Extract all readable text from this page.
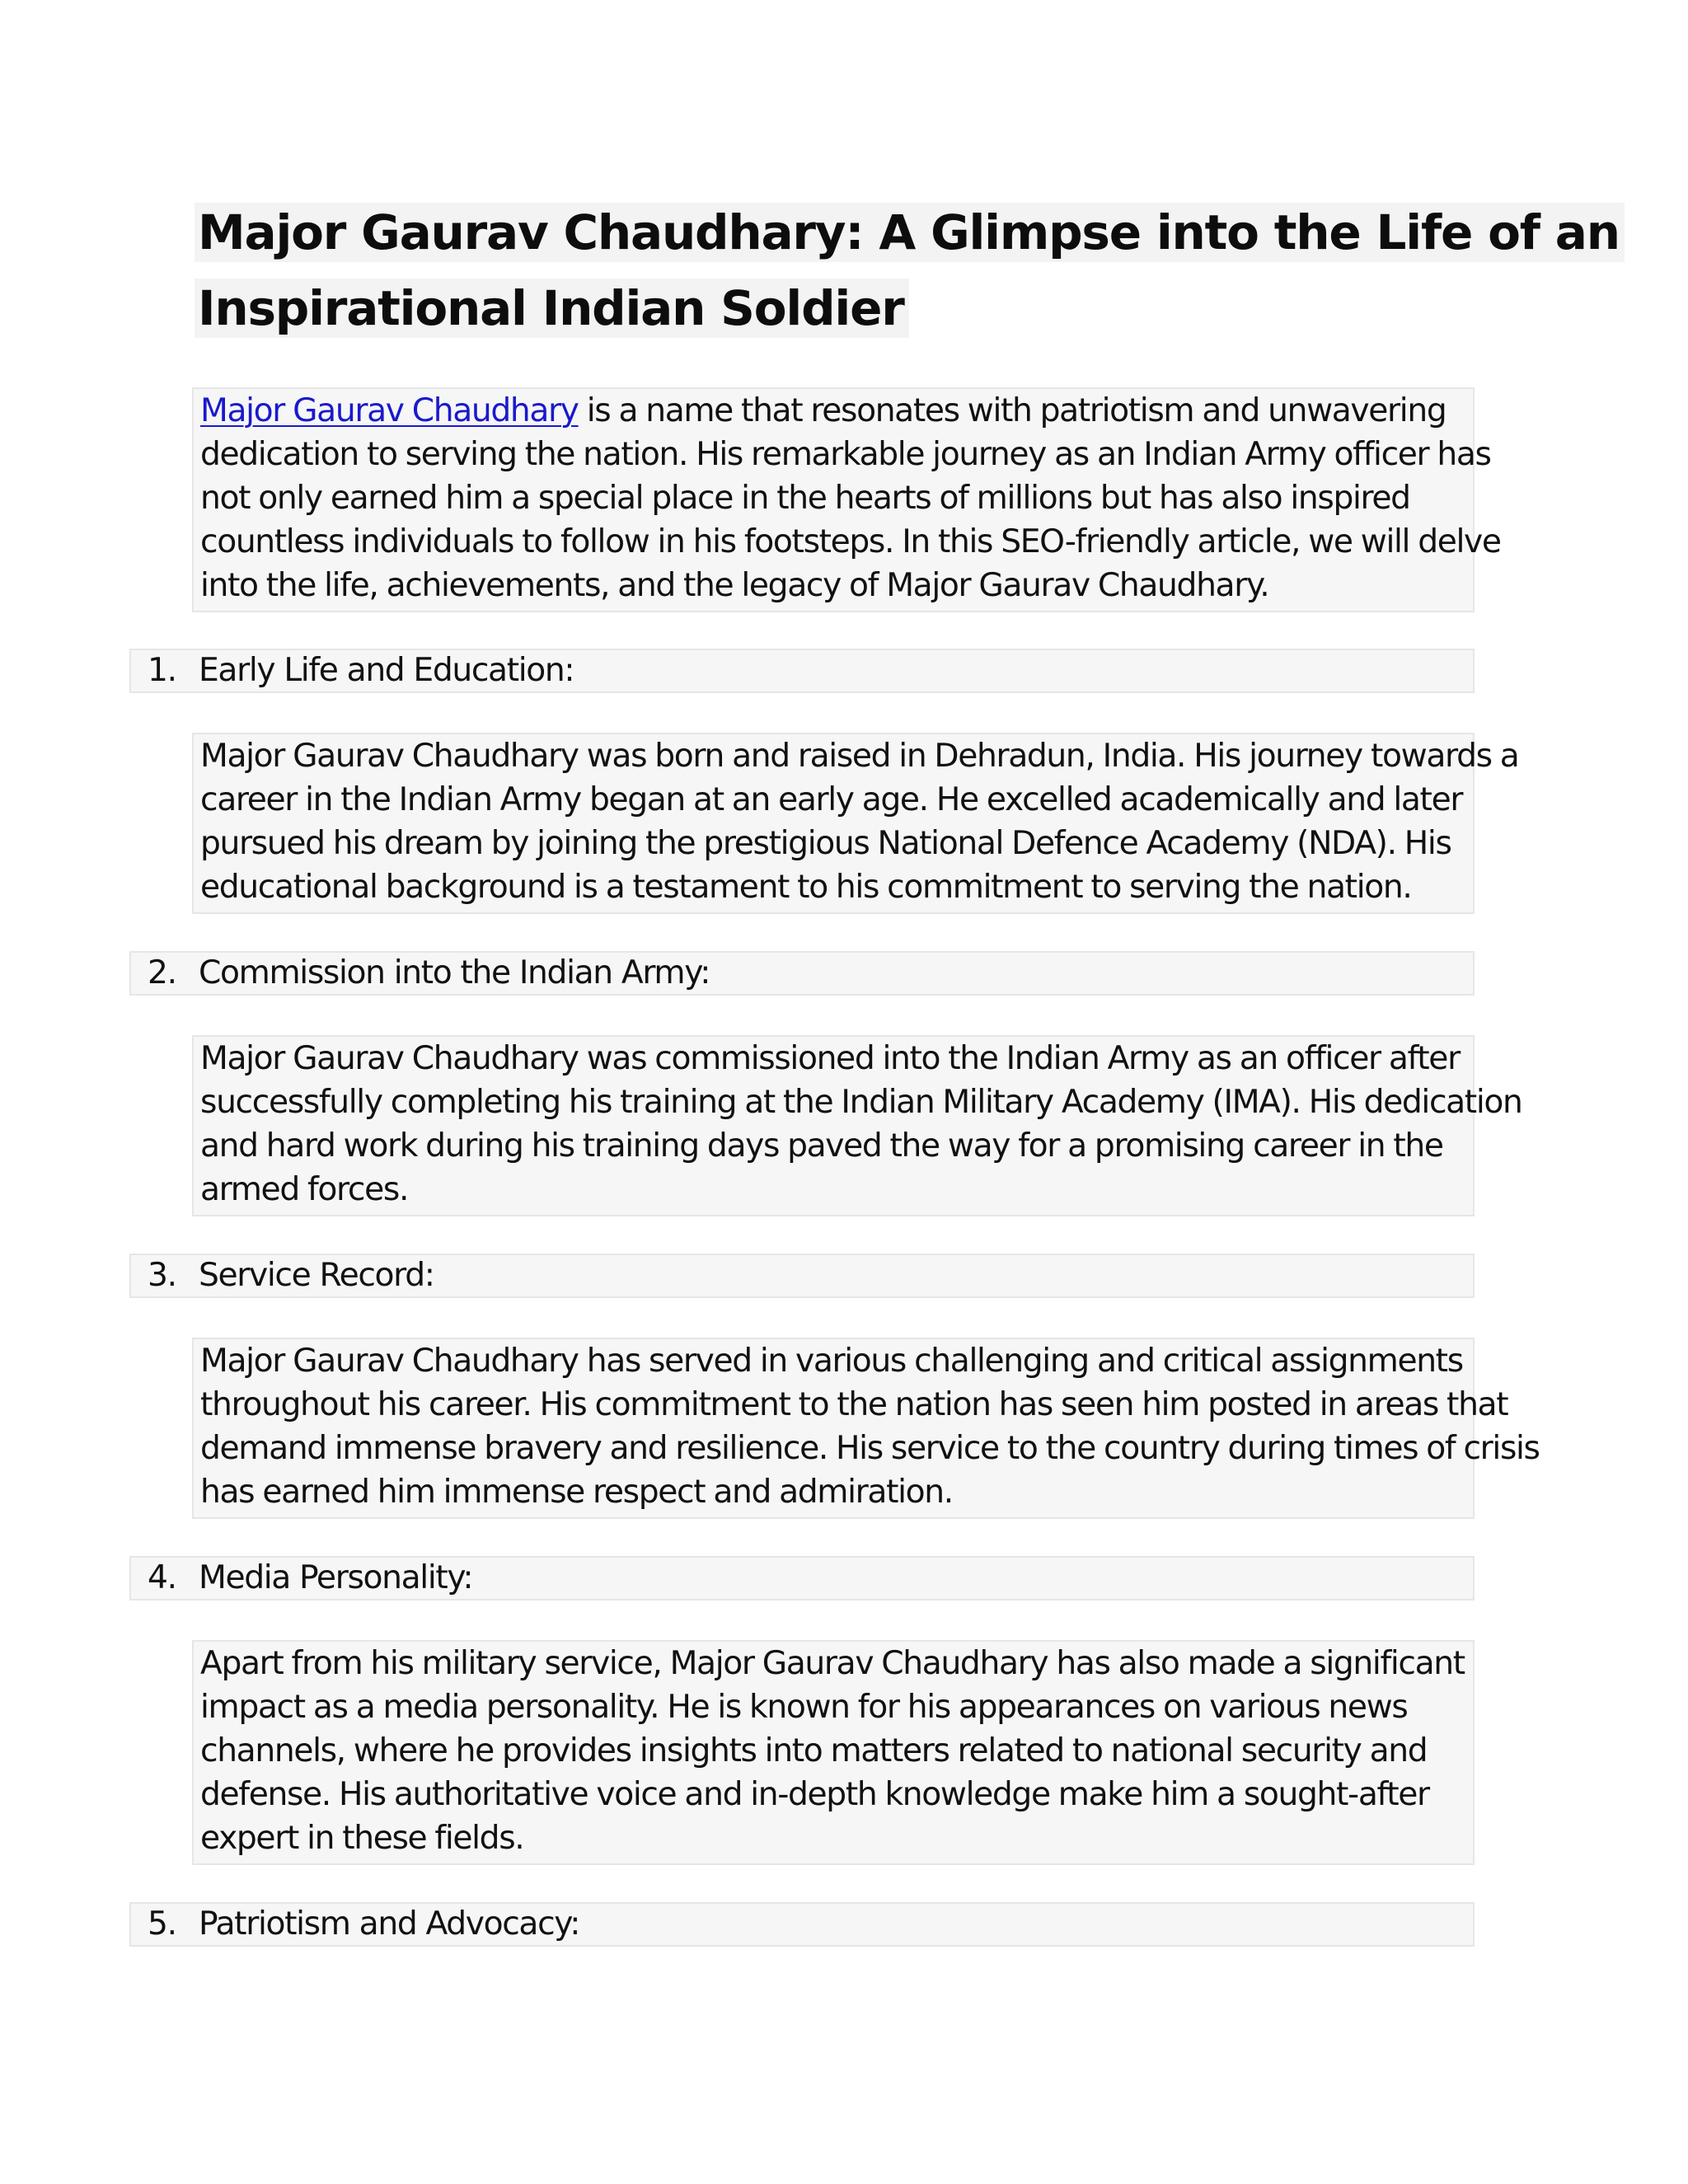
Major Gaurav Chaudhary: A Glimpse into the Life of an
Inspirational Indian Soldier
Major Gaurav Chaudhary is a name that resonates with patriotism and unwavering
dedication to serving the nation. His remarkable journey as an Indian Army officer has
not only earned him a special place in the hearts of millions but has also inspired
countless individuals to follow in his footsteps. In this SEO-friendly article, we will delve
into the life, achievements, and the legacy of Major Gaurav Chaudhary.
1. Early Life and Education:
Major Gaurav Chaudhary was born and raised in Dehradun, India. His journey towards a
career in the Indian Army began at an early age. He excelled academically and later
pursued his dream by joining the prestigious National Defence Academy (NDA). His
educational background is a testament to his commitment to serving the nation.
2. Commission into the Indian Army:
Major Gaurav Chaudhary was commissioned into the Indian Army as an officer after
successfully completing his training at the Indian Military Academy (IMA). His dedication
and hard work during his training days paved the way for a promising career in the
armed forces.
3. Service Record:
Major Gaurav Chaudhary has served in various challenging and critical assignments
throughout his career. His commitment to the nation has seen him posted in areas that
demand immense bravery and resilience. His service to the country during times of crisis
has earned him immense respect and admiration.
4. Media Personality:
Apart from his military service, Major Gaurav Chaudhary has also made a significant
impact as a media personality. He is known for his appearances on various news
channels, where he provides insights into matters related to national security and
defense. His authoritative voice and in-depth knowledge make him a sought-after
expert in these fields.
5. Patriotism and Advocacy:
